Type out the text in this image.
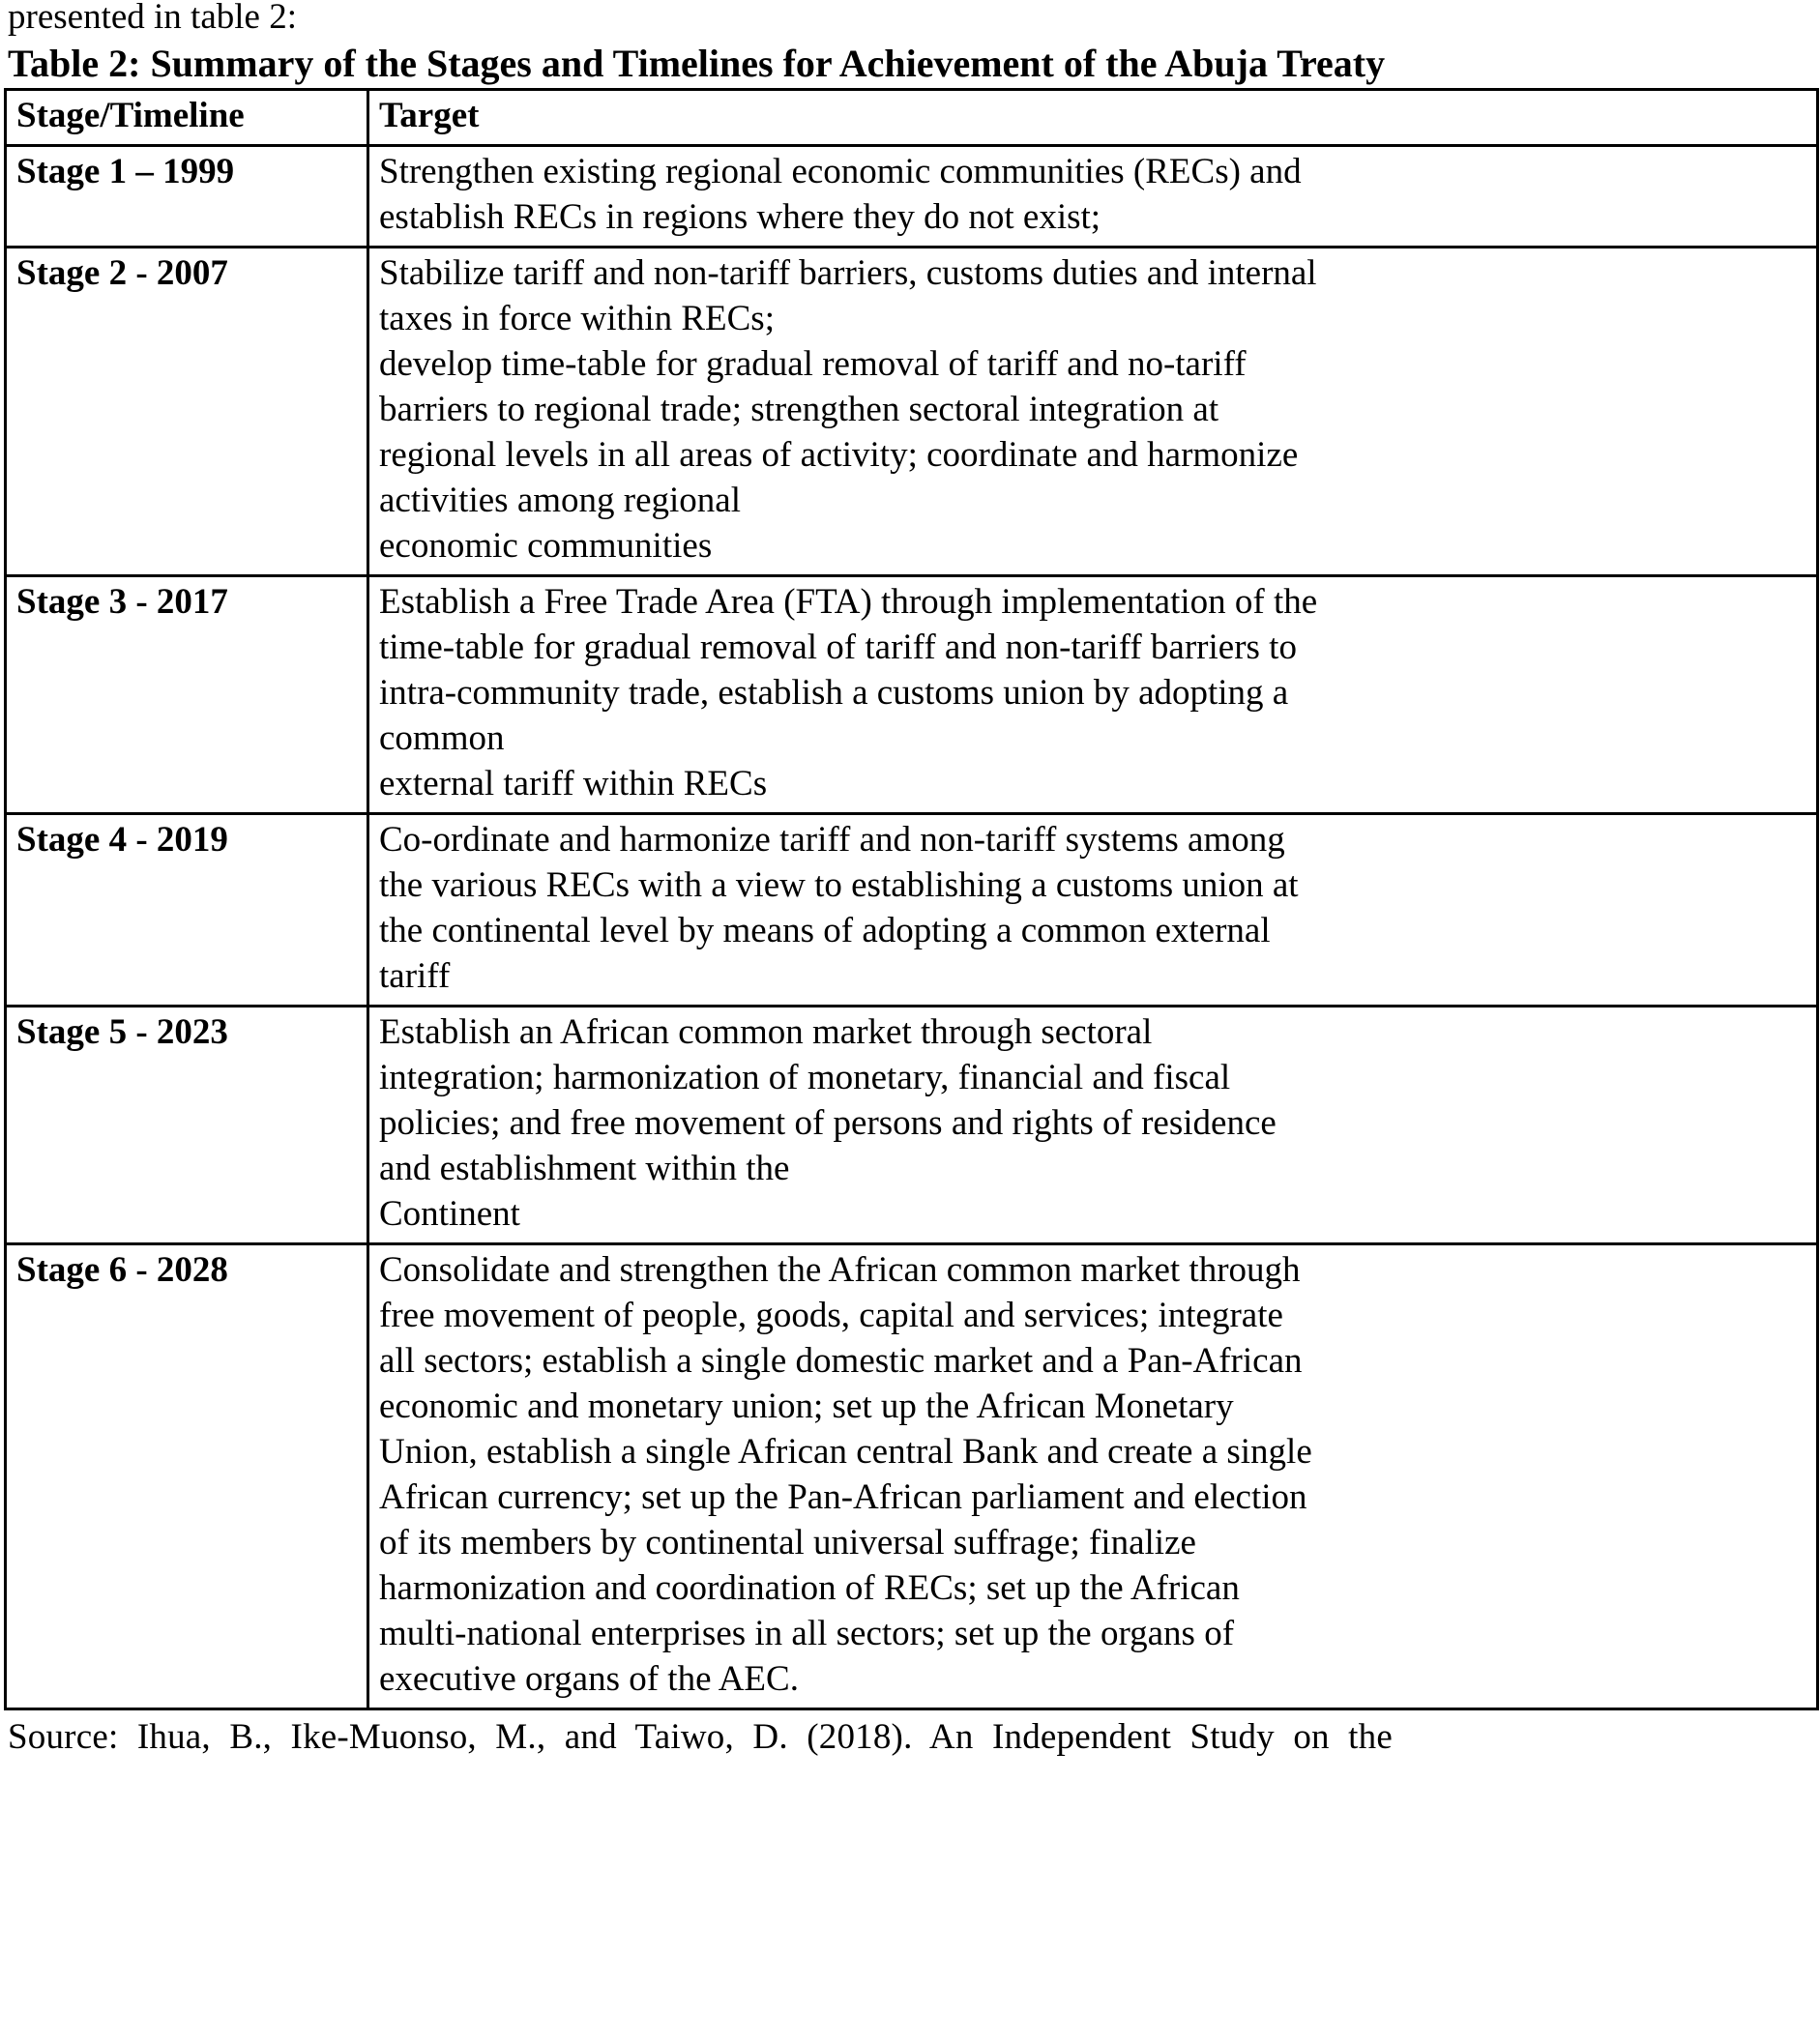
presented in table 2:
Table 2: Summary of the Stages and Timelines for Achievement of the Abuja Treaty
Stage/Timeline	Target
Stage 1 – 1999	Strengthen existing regional economic communities (RECs) and
establish RECs in regions where they do not exist;

Stage 2 - 2007	Stabilize tariff and non-tariff barriers, customs duties and internal
taxes in force within RECs;
develop time-table for gradual removal of tariff and no-tariff
barriers to regional trade; strengthen sectoral integration at
regional levels in all areas of activity; coordinate and harmonize
activities among regional
economic communities

Stage 3 - 2017	Establish a Free Trade Area (FTA) through implementation of the
time-table for gradual removal of tariff and non-tariff barriers to
intra-community trade, establish a customs union by adopting a
common
external tariff within RECs

Stage 4 - 2019	Co-ordinate and harmonize tariff and non-tariff systems among
the various RECs with a view to establishing a customs union at
the continental level by means of adopting a common external
tariff

Stage 5 - 2023	Establish an African common market through sectoral
integration; harmonization of monetary, financial and fiscal
policies; and free movement of persons and rights of residence
and establishment within the
Continent

Stage 6 - 2028	Consolidate and strengthen the African common market through
free movement of people, goods, capital and services; integrate
all sectors; establish a single domestic market and a Pan-African
economic and monetary union; set up the African Monetary
Union, establish a single African central Bank and create a single
African currency; set up the Pan-African parliament and election
of its members by continental universal suffrage; finalize
harmonization and coordination of RECs; set up the African
multi-national enterprises in all sectors; set up the organs of
executive organs of the AEC.
Source: Ihua, B., Ike-Muonso, M., and Taiwo, D. (2018). An Independent Study on the
